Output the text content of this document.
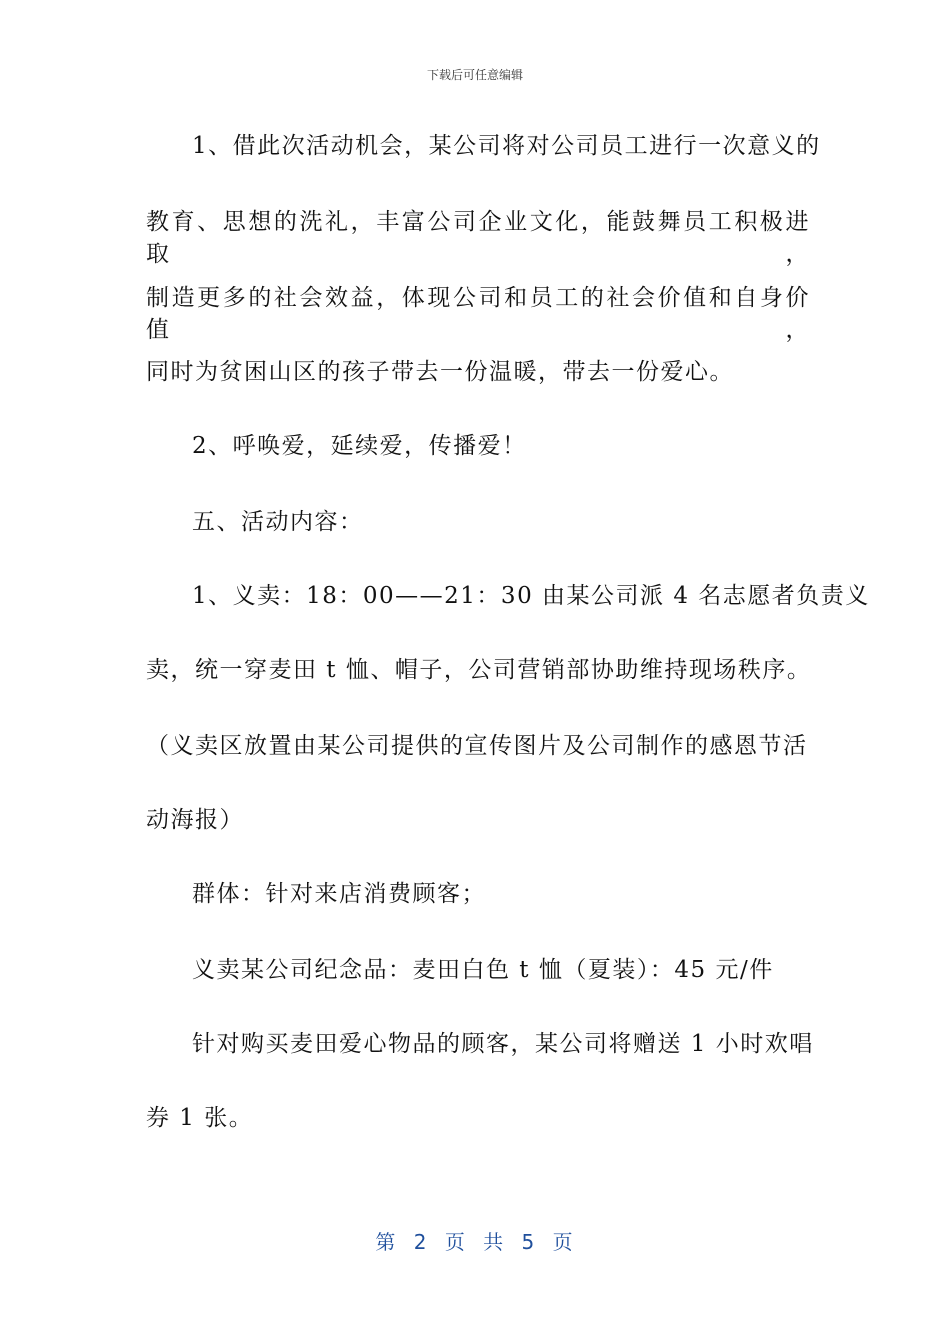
下载后可任意编辑
1、借此次活动机会，某公司将对公司员工进行一次意义的
教育、思想的洗礼，丰富公司企业文化，能鼓舞员工积极进取，
制造更多的社会效益，体现公司和员工的社会价值和自身价值，
同时为贫困山区的孩子带去一份温暖，带去一份爱心。
2、呼唤爱，延续爱，传播爱！
五、活动内容：
1、义卖：18：00——21：30 由某公司派 4 名志愿者负责义
卖，统一穿麦田 t 恤、帽子，公司营销部协助维持现场秩序。
（义卖区放置由某公司提供的宣传图片及公司制作的感恩节活
动海报）
群体：针对来店消费顾客；
义卖某公司纪念品：麦田白色 t 恤（夏装）：45 元/件
针对购买麦田爱心物品的顾客，某公司将赠送 1 小时欢唱
券 1 张。
第 2 页 共 5 页
